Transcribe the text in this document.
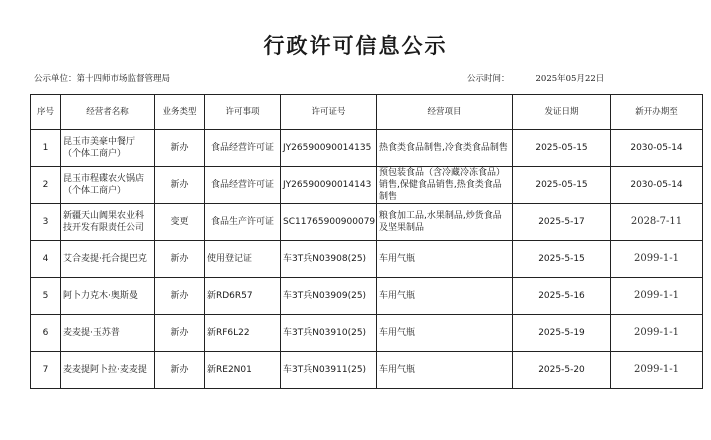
行政许可信息公示
公示单位：第十四师市场监督管理局	公示时间：	2025年05月22日
序号	经营者名称	业务类型	许可事项	许可证号	经营项目	发证日期	新开办期至
1	昆玉市美豪中餐厅（个体工商户）	新办	食品经营许可证	JY26590090014135	热食类食品制售,冷食类食品制售	2025-05-15	2030-05-14
2	昆玉市程碟农火锅店（个体工商户）	新办	食品经营许可证	JY26590090014143	预包装食品（含冷藏冷冻食品）销售,保健食品销售,热食类食品制售	2025-05-15	2030-05-14
3	新疆天山阗果农业科技开发有限责任公司	变更	食品生产许可证	SC11765900900079	粮食加工品,水果制品,炒货食品及坚果制品	2025-5-17	2028-7-11
4	艾合麦提·托合提巴克	新办	使用登记证	车3T兵N03908(25)	车用气瓶	2025-5-15	2099-1-1
5	阿卜力克木·奥斯曼	新办	新RD6R57	车3T兵N03909(25)	车用气瓶	2025-5-16	2099-1-1
6	麦麦提·玉苏普	新办	新RF6L22	车3T兵N03910(25)	车用气瓶	2025-5-19	2099-1-1
7	麦麦提阿卜拉·麦麦提	新办	新RE2N01	车3T兵N03911(25)	车用气瓶	2025-5-20	2099-1-1
